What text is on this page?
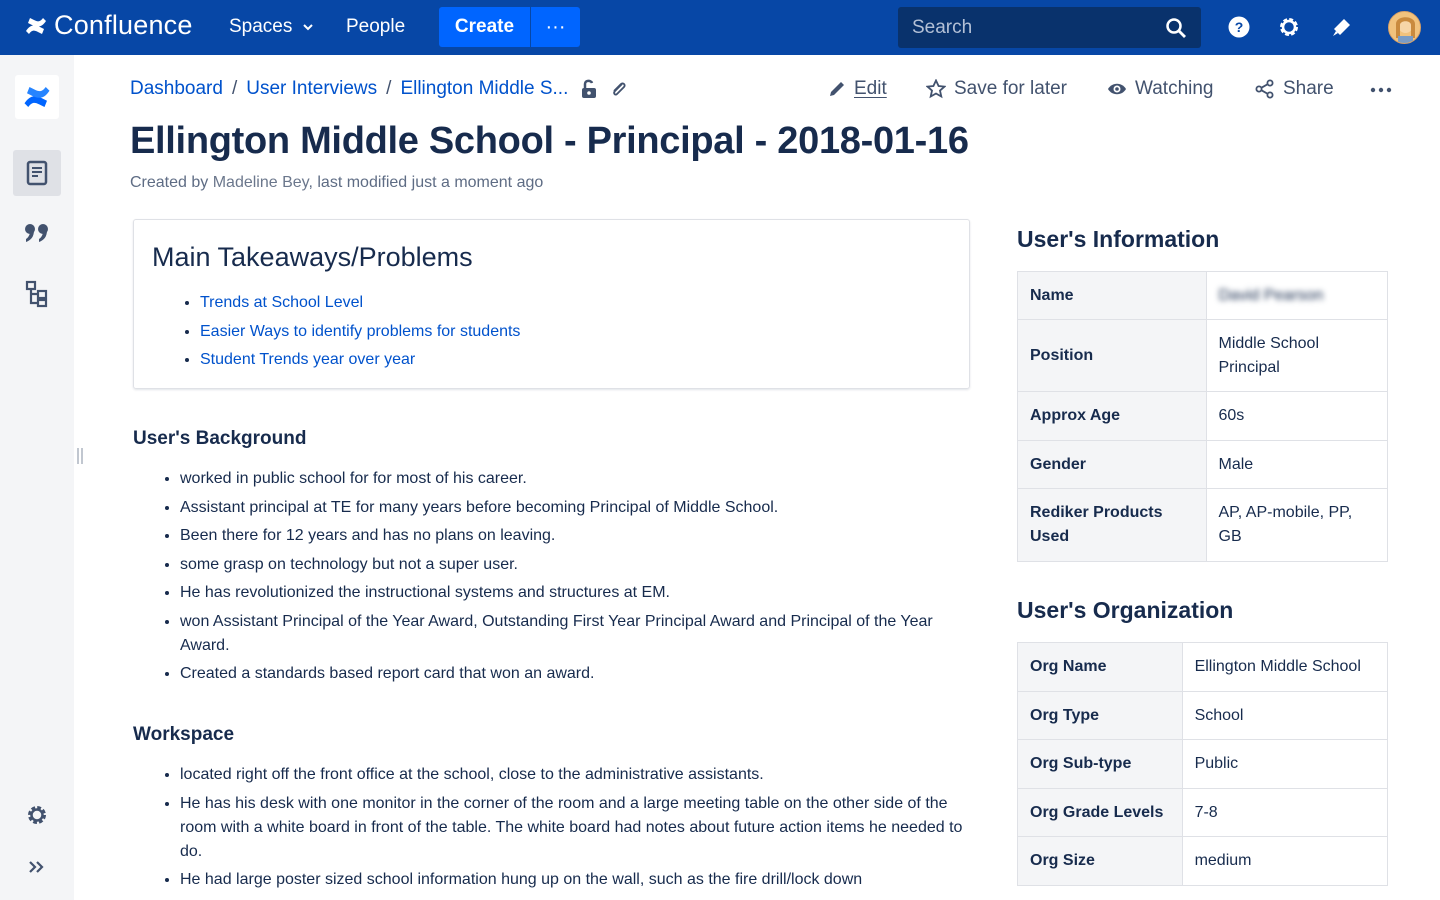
Confluence Spaces	People	Create	···
Search	?
Dashboard / User Interviews / Ellington Middle S...	Edit	Save for later	Watching	Share
Ellington Middle School - Principal - 2018-01-16
Created by Madeline Bey, last modified just a moment ago
Main Takeaways/Problems
• Trends at School Level
• Easier Ways to identify problems for students
• Student Trends year over year
User's Background
• worked in public school for for most of his career.
• Assistant principal at TE for many years before becoming Principal of Middle School.
• Been there for 12 years and has no plans on leaving.
• some grasp on technology but not a super user.
• He has revolutionized the instructional systems and structures at EM.
• won Assistant Principal of the Year Award, Outstanding First Year Principal Award and Principal of the Year Award.
• Created a standards based report card that won an award.
Workspace
• located right off the front office at the school, close to the administrative assistants.
• He has his desk with one monitor in the corner of the room and a large meeting table on the other side of the room with a white board in front of the table. The white board had notes about future action items he needed to do.
• He had large poster sized school information hung up on the wall, such as the fire drill/lock down
User's Information
Name	David Pearson
Position	Middle School Principal
Approx Age	60s
Gender	Male
Rediker Products Used	AP, AP-mobile, PP, GB
User's Organization
Org Name	Ellington Middle School
Org Type	School
Org Sub-type	Public
Org Grade Levels	7-8
Org Size	medium
